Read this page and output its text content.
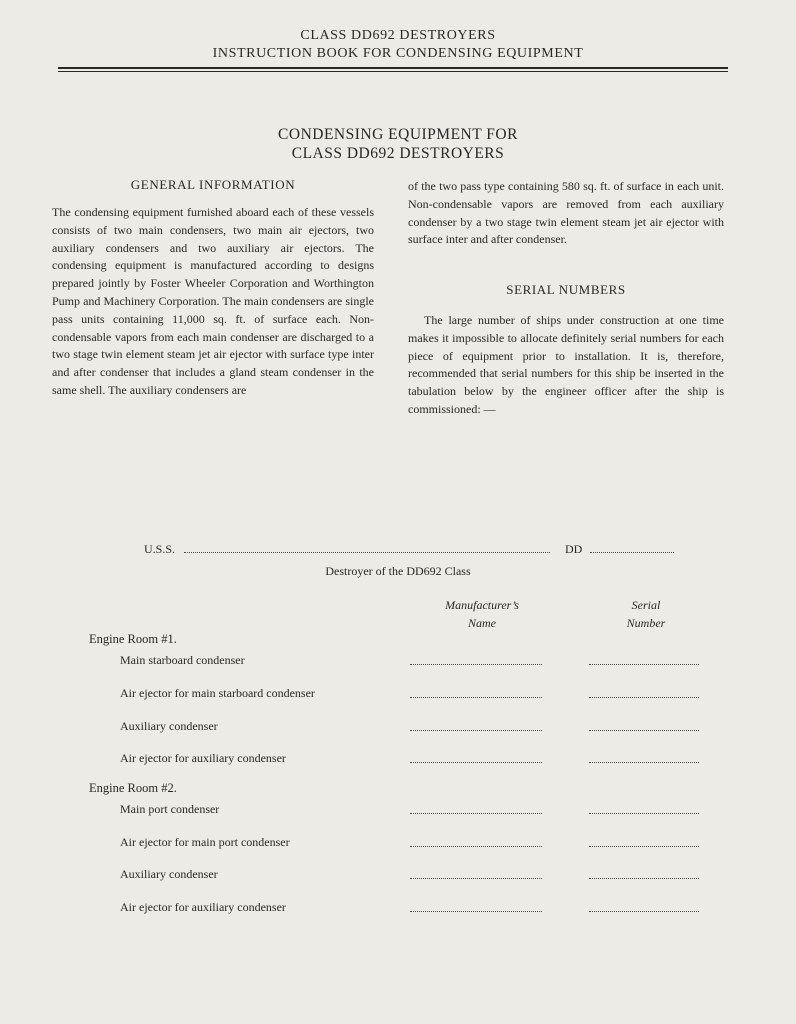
CLASS DD692 DESTROYERS
INSTRUCTION BOOK FOR CONDENSING EQUIPMENT
CONDENSING EQUIPMENT FOR
CLASS DD692 DESTROYERS
GENERAL INFORMATION

The condensing equipment furnished aboard each of these vessels consists of two main condensers, two main air ejectors, two auxiliary condensers and two auxiliary air ejectors. The condensing equipment is manufactured according to designs prepared jointly by Foster Wheeler Corporation and Worthington Pump and Machinery Corporation. The main condensers are single pass units containing 11,000 sq. ft. of surface each. Non-condensable vapors from each main condenser are discharged to a two stage twin element steam jet air ejector with surface type inter and after condenser that includes a gland steam condenser in the same shell. The auxiliary condensers are

of the two pass type containing 580 sq. ft. of surface in each unit. Non-condensable vapors are removed from each auxiliary condenser by a two stage twin element steam jet air ejector with surface inter and after condenser.

SERIAL NUMBERS

The large number of ships under construction at one time makes it impossible to allocate definitely serial numbers for each piece of equipment prior to installation. It is, therefore, recommended that serial numbers for this ship be inserted in the tabulation below by the engineer officer after the ship is commissioned: —

U.S.S.	DD
Destroyer of the DD692 Class
Manufacturer’s
Name
Serial
Number
Engine Room #1.
Main starboard condenser
Air ejector for main starboard condenser
Auxiliary condenser
Air ejector for auxiliary condenser
Engine Room #2.
Main port condenser
Air ejector for main port condenser
Auxiliary condenser
Air ejector for auxiliary condenser
